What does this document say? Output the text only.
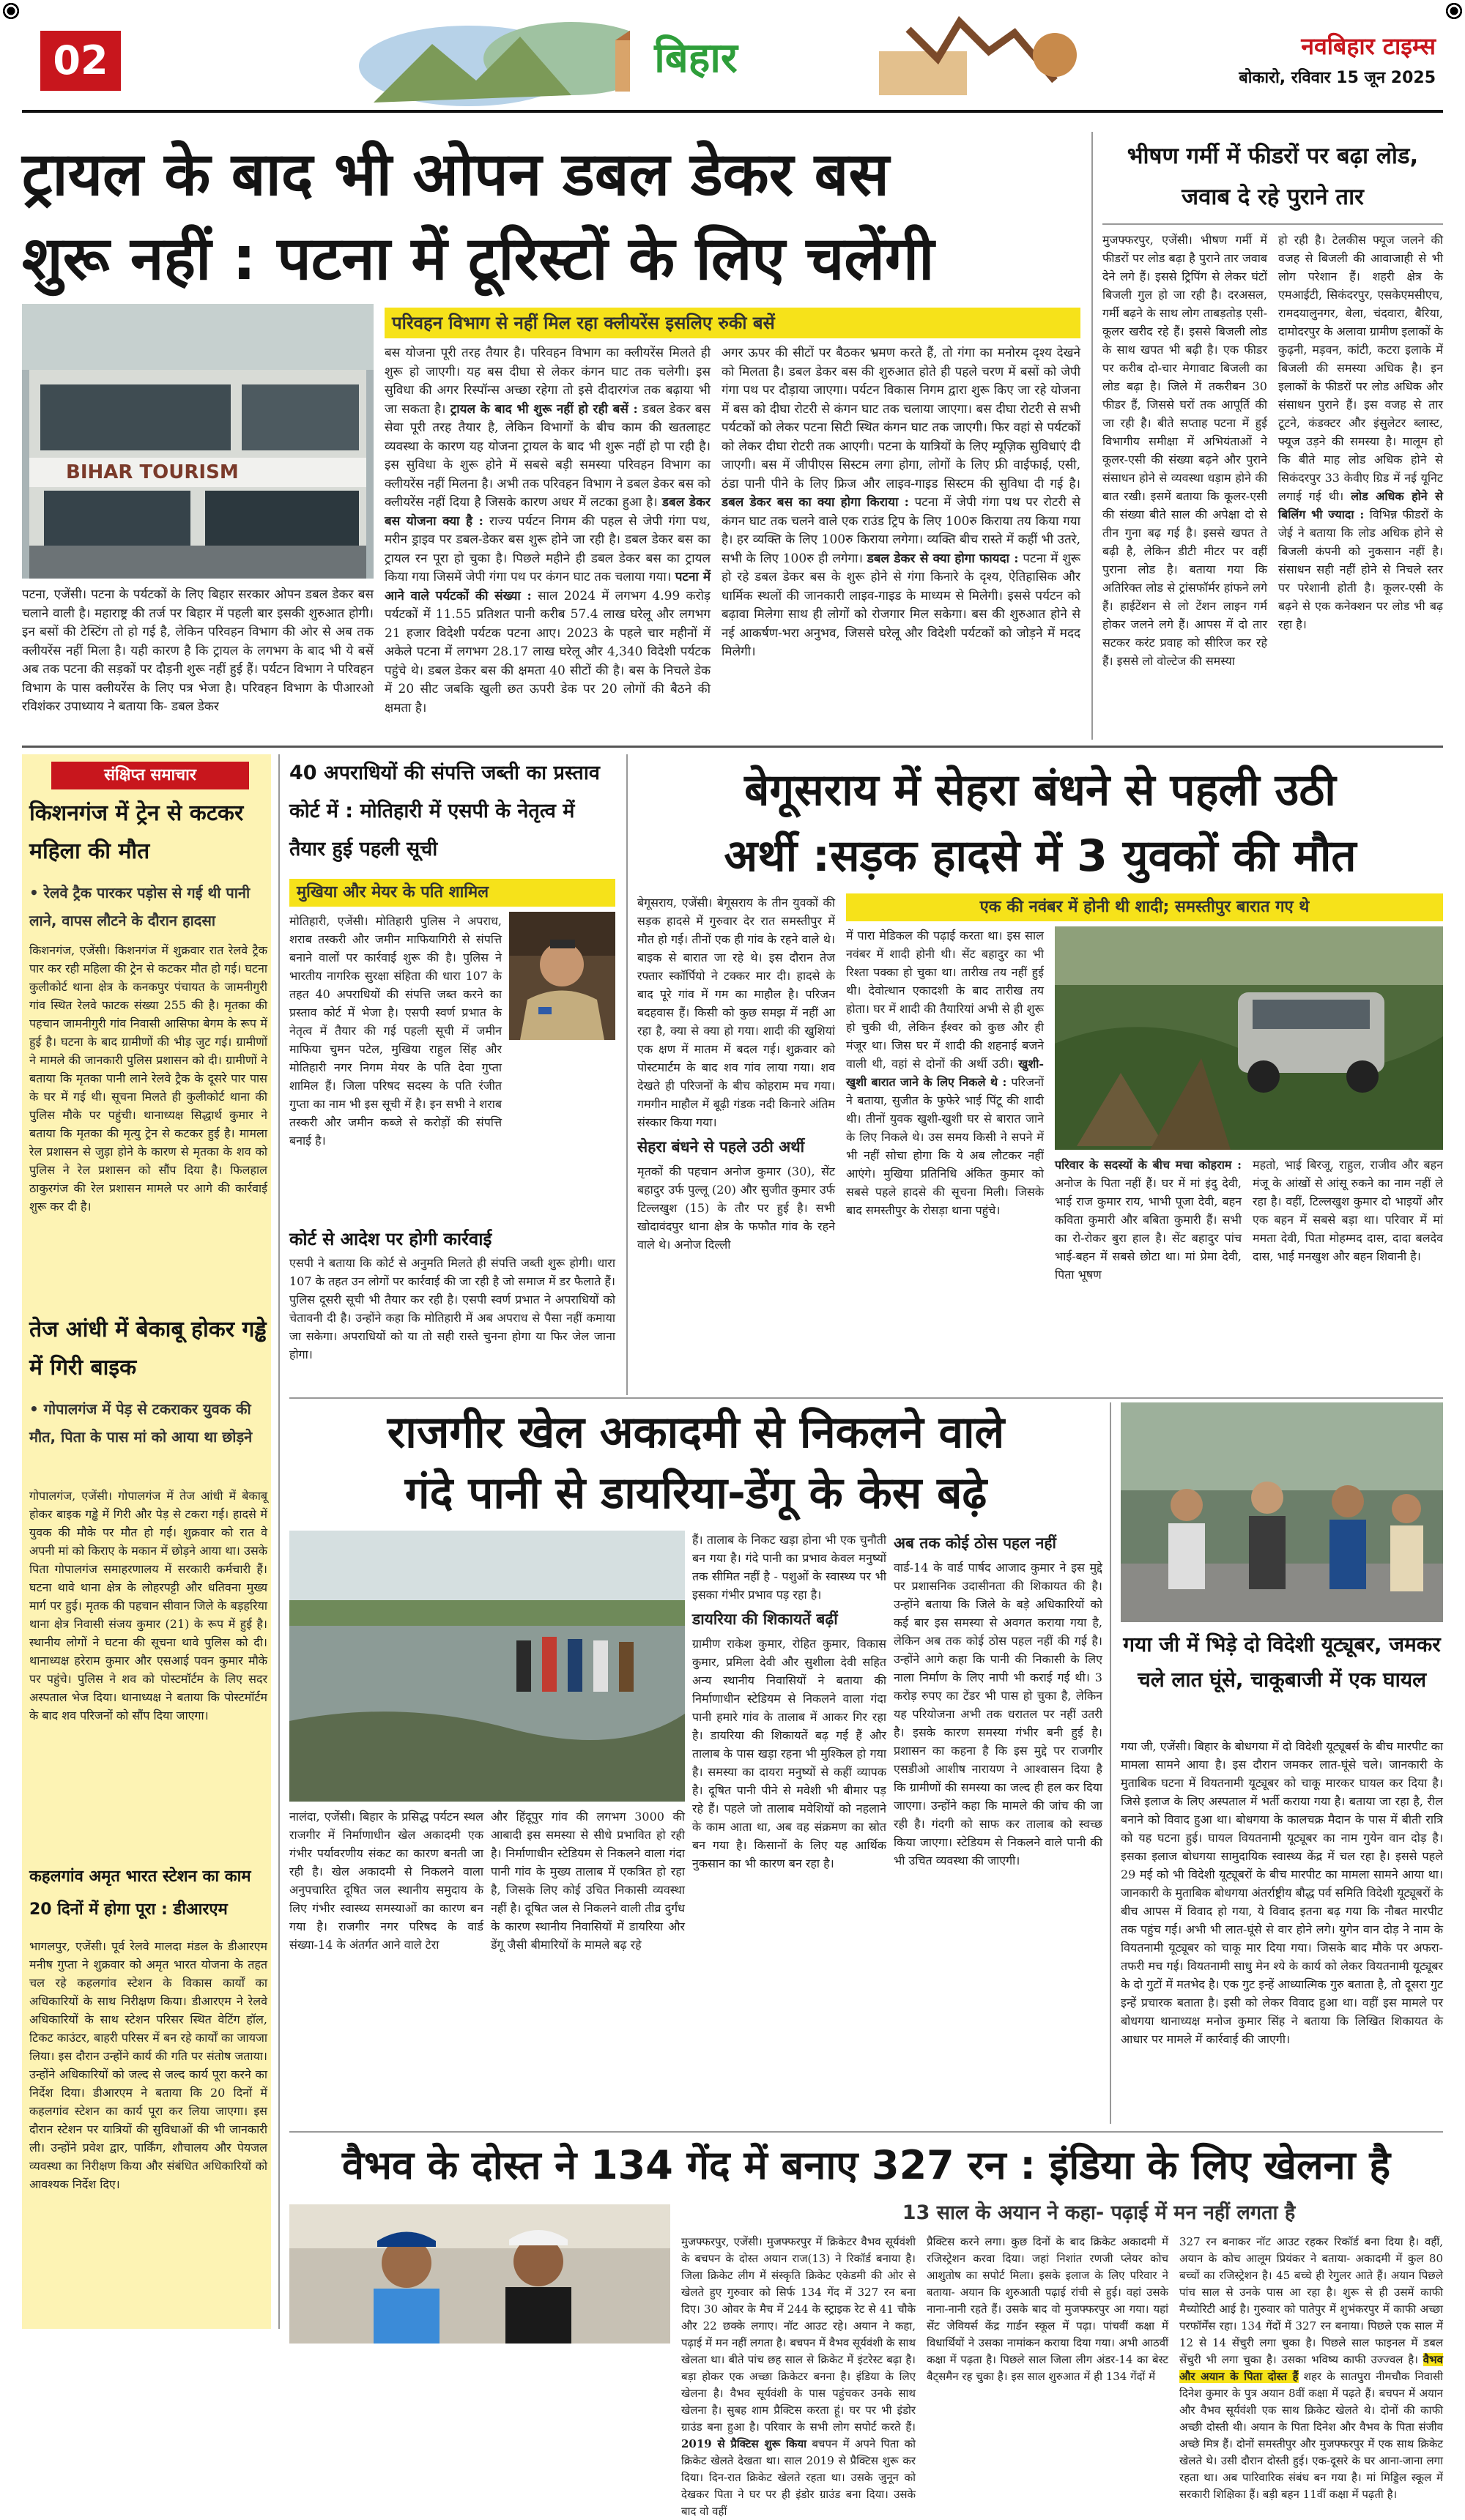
02	बिहार	नवबिहार टाइम्स
बोकारो, रविवार 15 जून 2025
ट्रायल के बाद भी ओपन डबल डेकर बस
शुरू नहीं : पटना में टूरिस्टों के लिए चलेंगी
BIHAR TOURISM
परिवहन विभाग से नहीं मिल रहा क्लीयरेंस इसलिए रुकी बसें
पटना, एजेंसी। पटना के पर्यटकों के लिए बिहार सरकार ओपन डबल डेकर बस चलाने वाली है। महाराष्ट्र की तर्ज पर बिहार में पहली बार इसकी शुरुआत होगी। इन बसों की टेस्टिंग तो हो गई है, लेकिन परिवहन विभाग की ओर से अब तक क्लीयरेंस नहीं मिला है। यही कारण है कि ट्रायल के लगभग के बाद भी ये बसें अब तक पटना की सड़कों पर दौड़नी शुरू नहीं हुई हैं। पर्यटन विभाग ने परिवहन विभाग के पास क्लीयरेंस के लिए पत्र भेजा है। परिवहन विभाग के पीआरओ रविशंकर उपाध्याय ने बताया कि- डबल डेकर
बस योजना पूरी तरह तैयार है। परिवहन विभाग का क्लीयरेंस मिलते ही शुरू हो जाएगी। यह बस दीघा से लेकर कंगन घाट तक चलेगी। इस सुविधा की अगर रिस्पॉन्स अच्छा रहेगा तो इसे दीदारगंज तक बढ़ाया भी जा सकता है। ट्रायल के बाद भी शुरू नहीं हो रही बसें : डबल डेकर बस सेवा पूरी तरह तैयार है, लेकिन विभागों के बीच काम की खतलाहट व्यवस्था के कारण यह योजना ट्रायल के बाद भी शुरू नहीं हो पा रही है। इस सुविधा के शुरू होने में सबसे बड़ी समस्या परिवहन विभाग का क्लीयरेंस नहीं मिलना है। अभी तक परिवहन विभाग ने डबल डेकर बस को क्लीयरेंस नहीं दिया है जिसके कारण अधर में लटका हुआ है। डबल डेकर बस योजना क्या है : राज्य पर्यटन निगम की पहल से जेपी गंगा पथ, मरीन ड्राइव पर डबल-डेकर बस शुरू होने जा रही है। डबल डेकर बस का ट्रायल रन पूरा हो चुका है। पिछले महीने ही डबल डेकर बस का ट्रायल किया गया जिसमें जेपी गंगा पथ पर कंगन घाट तक चलाया गया। पटना में आने वाले पर्यटकों की संख्या : साल 2024 में लगभग 4.99 करोड़ पर्यटकों में 11.55 प्रतिशत पानी करीब 57.4 लाख घरेलू और लगभग 21 हजार विदेशी पर्यटक पटना आए। 2023 के पहले चार महीनों में अकेले पटना में लगभग 28.17 लाख घरेलू और 4,340 विदेशी पर्यटक पहुंचे थे। डबल डेकर बस की क्षमता 40 सीटों की है। बस के निचले डेक में 20 सीट जबकि खुली छत ऊपरी डेक पर 20 लोगों की बैठने की क्षमता है।
अगर ऊपर की सीटों पर बैठकर भ्रमण करते हैं, तो गंगा का मनोरम दृश्य देखने को मिलता है। डबल डेकर बस की शुरुआत होते ही पहले चरण में बसों को जेपी गंगा पथ पर दौड़ाया जाएगा। पर्यटन विकास निगम द्वारा शुरू किए जा रहे योजना में बस को दीघा रोटरी से कंगन घाट तक चलाया जाएगा। बस दीघा रोटरी से सभी पर्यटकों को लेकर पटना सिटी स्थित कंगन घाट तक जाएगी। फिर वहां से पर्यटकों को लेकर दीघा रोटरी तक आएगी। पटना के यात्रियों के लिए म्यूज़िक सुविधाएं दी जाएगी। बस में जीपीएस सिस्टम लगा होगा, लोगों के लिए फ्री वाईफाई, एसी, ठंडा पानी पीने के लिए फ्रिज और लाइव-गाइड सिस्टम की सुविधा दी गई है। डबल डेकर बस का क्या होगा किराया : पटना में जेपी गंगा पथ पर रोटरी से कंगन घाट तक चलने वाले एक राउंड ट्रिप के लिए 100रु किराया तय किया गया है। हर व्यक्ति के लिए 100रु किराया लगेगा। व्यक्ति बीच रास्ते में कहीं भी उतरे, सभी के लिए 100रु ही लगेगा। डबल डेकर से क्या होगा फायदा : पटना में शुरू हो रहे डबल डेकर बस के शुरू होने से गंगा किनारे के दृश्य, ऐतिहासिक और धार्मिक स्थलों की जानकारी लाइव-गाइड के माध्यम से मिलेगी। इससे पर्यटन को बढ़ावा मिलेगा साथ ही लोगों को रोजगार मिल सकेगा। बस की शुरुआत होने से नई आकर्षण-भरा अनुभव, जिससे घरेलू और विदेशी पर्यटकों को जोड़ने में मदद मिलेगी।
भीषण गर्मी में फीडरों पर बढ़ा लोड, जवाब दे रहे पुराने तार
मुजफ्फरपुर, एजेंसी। भीषण गर्मी में फीडरों पर लोड बढ़ा है पुराने तार जवाब देने लगे हैं। इससे ट्रिपिंग से लेकर घंटों बिजली गुल हो जा रही है। दरअसल, गर्मी बढ़ने के साथ लोग ताबड़तोड़ एसी-कूलर खरीद रहे हैं। इससे बिजली लोड के साथ खपत भी बढ़ी है। एक फीडर पर करीब दो-चार मेगावाट बिजली का लोड बढ़ा है। जिले में तकरीबन 30 फीडर हैं, जिससे घरों तक आपूर्ति की जा रही है। बीते सप्ताह पटना में हुई विभागीय समीक्षा में अभियंताओं ने कूलर-एसी की संख्या बढ़ने और पुराने संसाधन होने से व्यवस्था धड़ाम होने की बात रखी। इसमें बताया कि कूलर-एसी की संख्या बीते साल की अपेक्षा दो से तीन गुना बढ़ गई है। इससे खपत ते बढ़ी है, लेकिन डीटी मीटर पर वहीं पुराना लोड है। बताया गया कि अतिरिक्त लोड से ट्रांसफॉर्मर हांफने लगे हैं। हाईटेंशन से लो टेंशन लाइन गर्म होकर जलने लगे हैं। आपस में दो तार सटकर करंट प्रवाह को सीरिज कर रहे हैं। इससे लो वोल्टेज की समस्या
हो रही है। टेलकीस फ्यूज जलने की वजह से बिजली की आवाजाही से भी लोग परेशान हैं। शहरी क्षेत्र के एमआईटी, सिकंदरपुर, एसकेएमसीएच, रामदयालुनगर, बेला, चंदवारा, बैरिया, दामोदरपुर के अलावा ग्रामीण इलाकों के कुढ़नी, मड़वन, कांटी, कटरा इलाके में बिजली की समस्या अधिक है। इन इलाकों के फीडरों पर लोड अधिक और संसाधन पुराने हैं। इस वजह से तार टूटने, कंडक्टर और इंसुलेटर ब्लास्ट, फ्यूज उड़ने की समस्या है। मालूम हो कि बीते माह लोड अधिक होने से सिकंदरपुर 33 केवीए ग्रिड में नई यूनिट लगाई गई थी। लोड अधिक होने से बिलिंग भी ज्यादा : विभिन्न फीडरों के जेई ने बताया कि लोड अधिक होने से बिजली कंपनी को नुकसान नहीं है। संसाधन सही नहीं होने से निचले स्तर पर परेशानी होती है। कूलर-एसी के बढ़ने से एक कनेक्शन पर लोड भी बढ़ रहा है।
संक्षिप्त समाचार
किशनगंज में ट्रेन से कटकर महिला की मौत
• रेलवे ट्रैक पारकर पड़ोस से गई थी पानी लाने, वापस लौटने के दौरान हादसा
किशनगंज, एजेंसी। किशनगंज में शुक्रवार रात रेलवे ट्रैक पार कर रही महिला की ट्रेन से कटकर मौत हो गई। घटना कुलीकोर्ट थाना क्षेत्र के कनकपुर पंचायत के जामनीगुरी गांव स्थित रेलवे फाटक संख्या 255 की है। मृतका की पहचान जामनीगुरी गांव निवासी आसिफा बेगम के रूप में हुई है। घटना के बाद ग्रामीणों की भीड़ जुट गई। ग्रामीणों ने मामले की जानकारी पुलिस प्रशासन को दी। ग्रामीणों ने बताया कि मृतका पानी लाने रेलवे ट्रैक के दूसरे पार पास के घर में गई थी। सूचना मिलते ही कुलीकोर्ट थाना की पुलिस मौके पर पहुंची। थानाध्यक्ष सिद्धार्थ कुमार ने बताया कि मृतका की मृत्यु ट्रेन से कटकर हुई है। मामला रेल प्रशासन से जुड़ा होने के कारण से मृतका के शव को पुलिस ने रेल प्रशासन को सौंप दिया है। फिलहाल ठाकुरगंज की रेल प्रशासन मामले पर आगे की कार्रवाई शुरू कर दी है।
तेज आंधी में बेकाबू होकर गड्ढे में गिरी बाइक
• गोपालगंज में पेड़ से टकराकर युवक की मौत, पिता के पास मां को आया था छोड़ने
गोपालगंज, एजेंसी। गोपालगंज में तेज आंधी में बेकाबू होकर बाइक गड्ढे में गिरी और पेड़ से टकरा गई। हादसे में युवक की मौके पर मौत हो गई। शुक्रवार को रात वे अपनी मां को किराए के मकान में छोड़ने आया था। उसके पिता गोपालगंज समाहरणालय में सरकारी कर्मचारी हैं। घटना थावे थाना क्षेत्र के लोहरपट्टी और धतिवना मुख्य मार्ग पर हुई। मृतक की पहचान सीवान जिले के बड़हरिया थाना क्षेत्र निवासी संजय कुमार (21) के रूप में हुई है। स्थानीय लोगों ने घटना की सूचना थावे पुलिस को दी। थानाध्यक्ष हरेराम कुमार और एसआई पवन कुमार मौके पर पहुंचे। पुलिस ने शव को पोस्टमॉर्टम के लिए सदर अस्पताल भेज दिया। थानाध्यक्ष ने बताया कि पोस्टमॉर्टम के बाद शव परिजनों को सौंप दिया जाएगा।
कहलगांव अमृत भारत स्टेशन का काम 20 दिनों में होगा पूरा : डीआरएम
भागलपुर, एजेंसी। पूर्व रेलवे मालदा मंडल के डीआरएम मनीष गुप्ता ने शुक्रवार को अमृत भारत योजना के तहत चल रहे कहलगांव स्टेशन के विकास कार्यों का अधिकारियों के साथ निरीक्षण किया। डीआरएम ने रेलवे अधिकारियों के साथ स्टेशन परिसर स्थित वेटिंग हॉल, टिकट काउंटर, बाहरी परिसर में बन रहे कार्यों का जायजा लिया। इस दौरान उन्होंने कार्य की गति पर संतोष जताया। उन्होंने अधिकारियों को जल्द से जल्द कार्य पूरा करने का निर्देश दिया। डीआरएम ने बताया कि 20 दिनों में कहलगांव स्टेशन का कार्य पूरा कर लिया जाएगा। इस दौरान स्टेशन पर यात्रियों की सुविधाओं की भी जानकारी ली। उन्होंने प्रवेश द्वार, पार्किंग, शौचालय और पेयजल व्यवस्था का निरीक्षण किया और संबंधित अधिकारियों को आवश्यक निर्देश दिए।
40 अपराधियों की संपत्ति जब्ती का प्रस्ताव कोर्ट में : मोतिहारी में एसपी के नेतृत्व में तैयार हुई पहली सूची
मुखिया और मेयर के पति शामिल
मोतिहारी, एजेंसी। मोतिहारी पुलिस ने अपराध, शराब तस्करी और जमीन माफियागिरी से संपत्ति बनाने वालों पर कार्रवाई शुरू की है। पुलिस ने भारतीय नागरिक सुरक्षा संहिता की धारा 107 के तहत 40 अपराधियों की संपत्ति जब्त करने का प्रस्ताव कोर्ट में भेजा है। एसपी स्वर्ण प्रभात के नेतृत्व में तैयार की गई पहली सूची में जमीन माफिया चुमन पटेल, मुखिया राहुल सिंह और मोतिहारी नगर निगम मेयर के पति देवा गुप्ता शामिल हैं। जिला परिषद सदस्य के पति रंजीत गुप्ता का नाम भी इस सूची में है। इन सभी ने शराब तस्करी और जमीन कब्जे से करोड़ों की संपत्ति बनाई है।
कोर्ट से आदेश पर होगी कार्रवाई
एसपी ने बताया कि कोर्ट से अनुमति मिलते ही संपत्ति जब्ती शुरू होगी। धारा 107 के तहत उन लोगों पर कार्रवाई की जा रही है जो समाज में डर फैलाते हैं। पुलिस दूसरी सूची भी तैयार कर रही है। एसपी स्वर्ण प्रभात ने अपराधियों को चेतावनी दी है। उन्होंने कहा कि मोतिहारी में अब अपराध से पैसा नहीं कमाया जा सकेगा। अपराधियों को या तो सही रास्ते चुनना होगा या फिर जेल जाना होगा।
बेगूसराय में सेहरा बंधने से पहली उठी
अर्थी :सड़क हादसे में 3 युवकों की मौत
बेगूसराय, एजेंसी। बेगूसराय के तीन युवकों की सड़क हादसे में गुरुवार देर रात समस्तीपुर में मौत हो गई। तीनों एक ही गांव के रहने वाले थे। बाइक से बारात जा रहे थे। इस दौरान तेज रफ्तार स्कॉर्पियो ने टक्कर मार दी। हादसे के बाद पूरे गांव में गम का माहौल है। परिजन बदहवास हैं। किसी को कुछ समझ में नहीं आ रहा है, क्या से क्या हो गया। शादी की खुशियां एक क्षण में मातम में बदल गई। शुक्रवार को पोस्टमार्टम के बाद शव गांव लाया गया। शव देखते ही परिजनों के बीच कोहराम मच गया। गमगीन माहौल में बूढ़ी गंडक नदी किनारे अंतिम संस्कार किया गया।
सेहरा बंधने से पहले उठी अर्थी
मृतकों की पहचान अनोज कुमार (30), सेंट बहादुर उर्फ पुल्लू (20) और सुजीत कुमार उर्फ टिल्लखुश (15) के तौर पर हुई है। सभी खोदावंदपुर थाना क्षेत्र के फफौत गांव के रहने वाले थे। अनोज दिल्ली
एक की नवंबर में होनी थी शादी; समस्तीपुर बारात गए थे
में पारा मेडिकल की पढ़ाई करता था। इस साल नवंबर में शादी होनी थी। सेंट बहादुर का भी रिश्ता पक्का हो चुका था। तारीख तय नहीं हुई थी। देवोत्थान एकादशी के बाद तारीख तय होता। घर में शादी की तैयारियां अभी से ही शुरू हो चुकी थी, लेकिन ईश्वर को कुछ और ही मंजूर था। जिस घर में शादी की शहनाई बजने वाली थी, वहां से दोनों की अर्थी उठी। खुशी-खुशी बारात जाने के लिए निकले थे : परिजनों ने बताया, सुजीत के फुफेरे भाई पिंटू की शादी थी। तीनों युवक खुशी-खुशी घर से बारात जाने के लिए निकले थे। उस समय किसी ने सपने में भी नहीं सोचा होगा कि ये अब लौटकर नहीं आएंगे। मुखिया प्रतिनिधि अंकित कुमार को सबसे पहले हादसे की सूचना मिली। जिसके बाद समस्तीपुर के रोसड़ा थाना पहुंचे।
परिवार के सदस्यों के बीच मचा कोहराम : अनोज के पिता नहीं हैं। घर में मां इंदु देवी, भाई राज कुमार राय, भाभी पूजा देवी, बहन कविता कुमारी और बबिता कुमारी हैं। सभी का रो-रोकर बुरा हाल है। सेंट बहादुर पांच भाई-बहन में सबसे छोटा था। मां प्रेमा देवी, पिता भूषण
महतो, भाई बिरजू, राहुल, राजीव और बहन मंजू के आंखों से आंसू रुकने का नाम नहीं ले रहा है। वहीं, टिल्लखुश कुमार दो भाइयों और एक बहन में सबसे बड़ा था। परिवार में मां ममता देवी, पिता मोहम्मद दास, दादा बलदेव दास, भाई मनखुश और बहन शिवानी है।
राजगीर खेल अकादमी से निकलने वाले
गंदे पानी से डायरिया-डेंगू के केस बढ़े
नालंदा, एजेंसी। बिहार के प्रसिद्ध पर्यटन स्थल राजगीर में निर्माणाधीन खेल अकादमी एक गंभीर पर्यावरणीय संकट का कारण बनती जा रही है। खेल अकादमी से निकलने वाला अनुपचारित दूषित जल स्थानीय समुदाय के लिए गंभीर स्वास्थ्य समस्याओं का कारण बन गया है। राजगीर नगर परिषद के वार्ड संख्या-14 के अंतर्गत आने वाले टेरा
और हिंदूपुर गांव की लगभग 3000 की आबादी इस समस्या से सीधे प्रभावित हो रही है। निर्माणाधीन स्टेडियम से निकलने वाला गंदा पानी गांव के मुख्य तालाब में एकत्रित हो रहा है, जिसके लिए कोई उचित निकासी व्यवस्था नहीं है। दूषित जल से निकलने वाली तीव्र दुर्गंध के कारण स्थानीय निवासियों में डायरिया और डेंगू जैसी बीमारियों के मामले बढ़ रहे
हैं। तालाब के निकट खड़ा होना भी एक चुनौती बन गया है। गंदे पानी का प्रभाव केवल मनुष्यों तक सीमित नहीं है - पशुओं के स्वास्थ्य पर भी इसका गंभीर प्रभाव पड़ रहा है।
डायरिया की शिकायतें बढ़ीं
ग्रामीण राकेश कुमार, रोहित कुमार, विकास कुमार, प्रमिला देवी और सुशीला देवी सहित अन्य स्थानीय निवासियों ने बताया की निर्माणाधीन स्टेडियम से निकलने वाला गंदा पानी हमारे गांव के तालाब में आकर गिर रहा है। डायरिया की शिकायतें बढ़ गई हैं और तालाब के पास खड़ा रहना भी मुश्किल हो गया है। समस्या का दायरा मनुष्यों से कहीं व्यापक है। दूषित पानी पीने से मवेशी भी बीमार पड़ रहे हैं। पहले जो तालाब मवेशियों को नहलाने के काम आता था, अब वह संक्रमण का स्रोत बन गया है। किसानों के लिए यह आर्थिक नुकसान का भी कारण बन रहा है।
अब तक कोई ठोस पहल नहीं
वार्ड-14 के वार्ड पार्षद आजाद कुमार ने इस मुद्दे पर प्रशासनिक उदासीनता की शिकायत की है। उन्होंने बताया कि जिले के बड़े अधिकारियों को कई बार इस समस्या से अवगत कराया गया है, लेकिन अब तक कोई ठोस पहल नहीं की गई है। उन्होंने आगे कहा कि पानी की निकासी के लिए नाला निर्माण के लिए नापी भी कराई गई थी। 3 करोड़ रुपए का टेंडर भी पास हो चुका है, लेकिन यह परियोजना अभी तक धरातल पर नहीं उतरी है। इसके कारण समस्या गंभीर बनी हुई है। प्रशासन का कहना है कि इस मुद्दे पर राजगीर एसडीओ आशीष नारायण ने आश्वासन दिया है कि ग्रामीणों की समस्या का जल्द ही हल कर दिया जाएगा। उन्होंने कहा कि मामले की जांच की जा रही है। गंदगी को साफ कर तालाब को स्वच्छ किया जाएगा। स्टेडियम से निकलने वाले पानी की भी उचित व्यवस्था की जाएगी।
गया जी में भिड़े दो विदेशी यूट्यूबर, जमकर चले लात घूंसे, चाकूबाजी में एक घायल
गया जी, एजेंसी। बिहार के बोधगया में दो विदेशी यूट्यूबर्स के बीच मारपीट का मामला सामने आया है। इस दौरान जमकर लात-घूंसे चले। जानकारी के मुताबिक घटना में वियतनामी यूट्यूबर को चाकू मारकर घायल कर दिया है। जिसे इलाज के लिए अस्पताल में भर्ती कराया गया है। बताया जा रहा है, रील बनाने को विवाद हुआ था। बोधगया के कालचक्र मैदान के पास में बीती रात्रि को यह घटना हुई। घायल वियतनामी यूट्यूबर का नाम गुयेन वान दोड़ है। इसका इलाज बोधगया सामुदायिक स्वास्थ्य केंद्र में चल रहा है। इससे पहले 29 मई को भी विदेशी यूट्यूबरों के बीच मारपीट का मामला सामने आया था। जानकारी के मुताबिक बोधगया अंतर्राष्ट्रीय बौद्ध पर्व समिति विदेशी यूट्यूबरों के बीच आपस में विवाद हो गया, ये विवाद इतना बढ़ गया कि नौबत मारपीट तक पहुंच गई। अभी भी लात-घूंसे से वार होने लगे। युगेन वान दोड़ ने नाम के वियतनामी यूट्यूबर को चाकू मार दिया गया। जिसके बाद मौके पर अफरा-तफरी मच गई। वियतनामी साधु मेन श्ये के कार्य को लेकर वियतनामी यूट्यूबर के दो गुटों में मतभेद है। एक गुट इन्हें आध्यात्मिक गुरु बताता है, तो दूसरा गुट इन्हें प्रचारक बताता है। इसी को लेकर विवाद हुआ था। वहीं इस मामले पर बोधगया थानाध्यक्ष मनोज कुमार सिंह ने बताया कि लिखित शिकायत के आधार पर मामले में कार्रवाई की जाएगी।
वैभव के दोस्त ने 134 गेंद में बनाए 327 रन : इंडिया के लिए खेलना है
13 साल के अयान ने कहा- पढ़ाई में मन नहीं लगता है
मुजफ्फरपुर, एजेंसी। मुजफ्फरपुर में क्रिकेटर वैभव सूर्यवंशी के बचपन के दोस्त अयान राज(13) ने रिकॉर्ड बनाया है। जिला क्रिकेट लीग में संस्कृति क्रिकेट एकेडमी की ओर से खेलते हुए गुरुवार को सिर्फ 134 गेंद में 327 रन बना दिए। 30 ओवर के मैच में 244 के स्ट्राइक रेट से 41 चौके और 22 छक्के लगाए। नॉट आउट रहे। अयान ने कहा, पढ़ाई में मन नहीं लगता है। बचपन में वैभव सूर्यवंशी के साथ खेलता था। बीते पांच छह साल से क्रिकेट में इंटरेस्ट बढ़ा है। बड़ा होकर एक अच्छा क्रिकेटर बनना है। इंडिया के लिए खेलना है। वैभव सूर्यवंशी के पास पहुंचकर उनके साथ खेलना है। सुबह शाम प्रैक्टिस करता हूं। घर पर भी इंडोर ग्राउंड बना हुआ है। परिवार के सभी लोग सपोर्ट करते हैं। 2019 से प्रैक्टिस शुरू किया बचपन में अपने पिता को क्रिकेट खेलते देखता था। साल 2019 से प्रैक्टिस शुरू कर दिया। दिन-रात क्रिकेट खेलते रहता था। उसके जुनून को देखकर पिता ने घर पर ही इंडोर ग्राउंड बना दिया। उसके बाद वो वहीं
प्रैक्टिस करने लगा। कुछ दिनों के बाद क्रिकेट अकादमी में रजिस्ट्रेशन करवा दिया। जहां निशांत रणजी प्लेयर कोच आशुतोष का सपोर्ट मिला। इसके इलाज के लिए परिवार ने बताया- अयान कि शुरुआती पढ़ाई रांची से हुई। वहां उसके नाना-नानी रहते हैं। उसके बाद वो मुजफ्फरपुर आ गया। यहां सेंट जेवियर्स केंद्र गार्डन स्कूल में पढ़ा। पांचवीं कक्षा में विधार्थियों ने उसका नामांकन कराया दिया गया। अभी आठवीं कक्षा में पढ़ता है। पिछले साल जिला लीग अंडर-14 का बेस्ट बैट्समैन रह चुका है। इस साल शुरुआत में ही 134 गेंदों में
327 रन बनाकर नॉट आउट रहकर रिकॉर्ड बना दिया है। वहीं, अयान के कोच आलूम प्रियंकर ने बताया- अकादमी में कुल 80 बच्चों का रजिस्ट्रेशन है। 45 बच्चे ही रेगुलर आते हैं। अयान पिछले पांच साल से उनके पास आ रहा है। शुरू से ही उसमें काफी मैच्योरिटी आई है। गुरुवार को पातेपुर में शुभंकरपुर में काफी अच्छा परफॉर्मेंस रहा। 134 गेंदों में 327 रन बनाया। पिछले एक साल में 12 से 14 सेंचुरी लगा चुका है। पिछले साल फाइनल में डबल सेंचुरी भी लगा चुका है। उसका भविष्य काफी उज्ज्वल है। वैभव और अयान के पिता दोस्त हैं शहर के सातपुरा नीमचौक निवासी दिनेश कुमार के पुत्र अयान 8वीं कक्षा में पढ़ते हैं। बचपन में अयान और वैभव सूर्यवंशी एक साथ क्रिकेट खेलते थे। दोनों की काफी अच्छी दोस्ती थी। अयान के पिता दिनेश और वैभव के पिता संजीव अच्छे मित्र हैं। दोनों समस्तीपुर और मुजफ्फरपुर में एक साथ क्रिकेट खेलते थे। उसी दौरान दोस्ती हुई। एक-दूसरे के घर आना-जाना लगा रहता था। अब पारिवारिक संबंध बन गया है। मां मिड्डिल स्कूल में सरकारी शिक्षिका हैं। बड़ी बहन 11वीं कक्षा में पढ़ती है।
